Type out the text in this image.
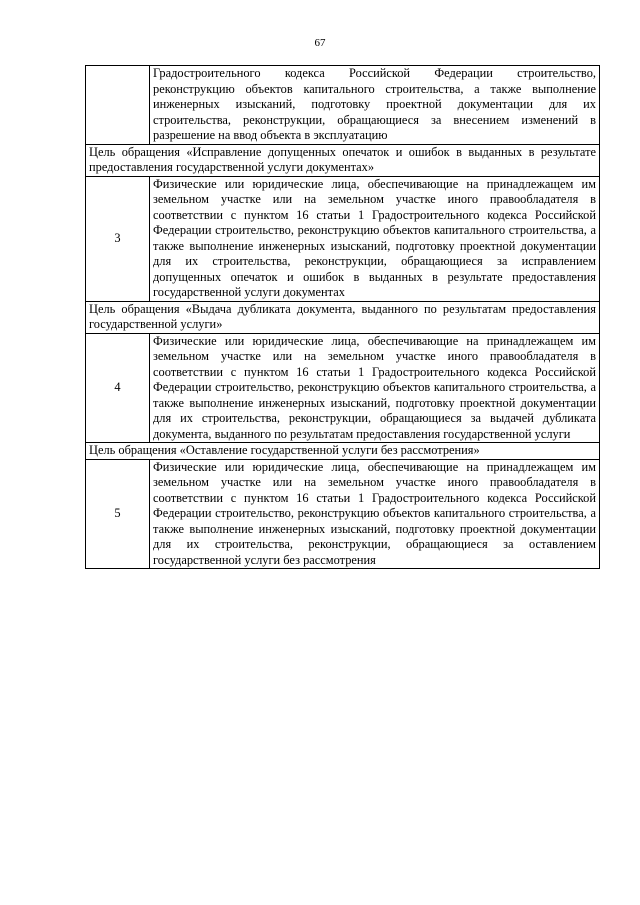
67
	Градостроительного кодекса Российской Федерации строительство, реконструкцию объектов капитального строительства, а также выполнение инженерных изысканий, подготовку проектной документации для их строительства, реконструкции, обращающиеся за внесением изменений в разрешение на ввод объекта в эксплуатацию
Цель обращения «Исправление допущенных опечаток и ошибок в выданных в результате предоставления государственной услуги документах»	
3	Физические или юридические лица, обеспечивающие на принадлежащем им земельном участке или на земельном участке иного правообладателя в соответствии с пунктом 16 статьи 1 Градостроительного кодекса Российской Федерации строительство, реконструкцию объектов капитального строительства, а также выполнение инженерных изысканий, подготовку проектной документации для их строительства, реконструкции, обращающиеся за исправлением допущенных опечаток и ошибок в выданных в результате предоставления государственной услуги документах
Цель обращения «Выдача дубликата документа, выданного по результатам предоставления государственной услуги»	
4	Физические или юридические лица, обеспечивающие на принадлежащем им земельном участке или на земельном участке иного правообладателя в соответствии с пунктом 16 статьи 1 Градостроительного кодекса Российской Федерации строительство, реконструкцию объектов капитального строительства, а также выполнение инженерных изысканий, подготовку проектной документации для их строительства, реконструкции, обращающиеся за выдачей дубликата документа, выданного по результатам предоставления государственной услуги
Цель обращения «Оставление государственной услуги без рассмотрения»	
5	Физические или юридические лица, обеспечивающие на принадлежащем им земельном участке или на земельном участке иного правообладателя в соответствии с пунктом 16 статьи 1 Градостроительного кодекса Российской Федерации строительство, реконструкцию объектов капитального строительства, а также выполнение инженерных изысканий, подготовку проектной документации для их строительства, реконструкции, обращающиеся за оставлением государственной услуги без рассмотрения
